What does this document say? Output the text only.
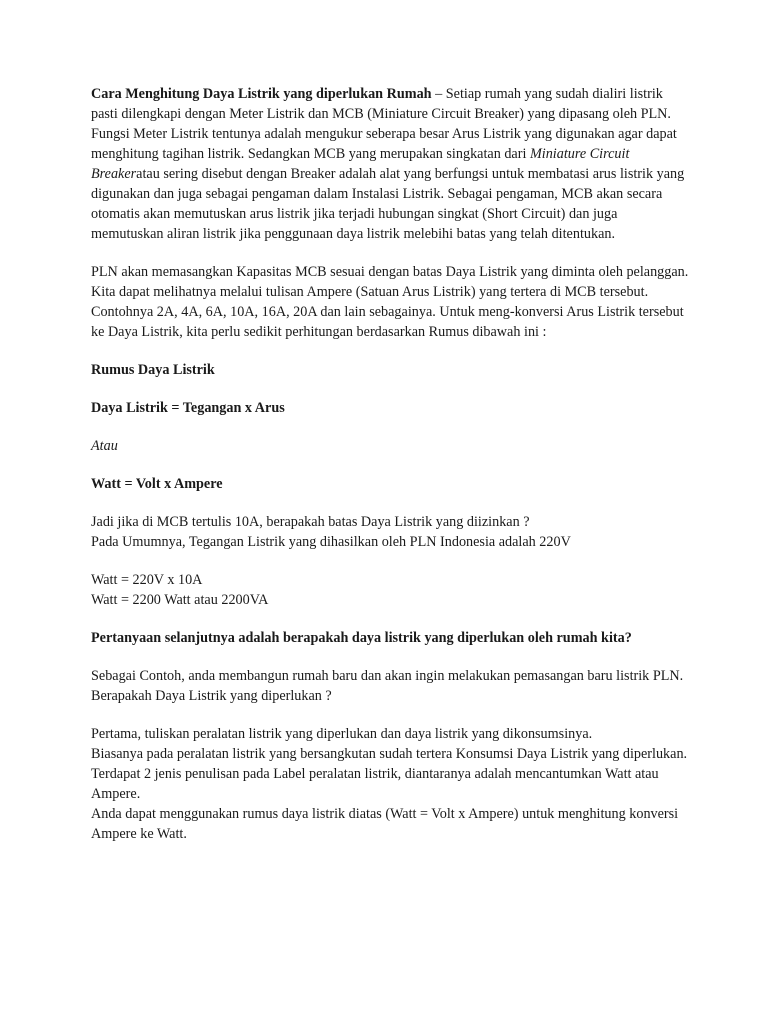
Cara Menghitung Daya Listrik yang diperlukan Rumah – Setiap rumah yang sudah dialiri listrik pasti dilengkapi dengan Meter Listrik dan MCB (Miniature Circuit Breaker) yang dipasang oleh PLN. Fungsi Meter Listrik tentunya adalah mengukur seberapa besar Arus Listrik yang digunakan agar dapat menghitung tagihan listrik. Sedangkan MCB yang merupakan singkatan dari Miniature Circuit Breakeratau sering disebut dengan Breaker adalah alat yang berfungsi untuk membatasi arus listrik yang digunakan dan juga sebagai pengaman dalam Instalasi Listrik. Sebagai pengaman, MCB akan secara otomatis akan memutuskan arus listrik jika terjadi hubungan singkat (Short Circuit) dan juga memutuskan aliran listrik jika penggunaan daya listrik melebihi batas yang telah ditentukan.

PLN akan memasangkan Kapasitas MCB sesuai dengan batas Daya Listrik yang diminta oleh pelanggan. Kita dapat melihatnya melalui tulisan Ampere (Satuan Arus Listrik) yang tertera di MCB tersebut. Contohnya 2A, 4A, 6A, 10A, 16A, 20A dan lain sebagainya. Untuk meng-konversi Arus Listrik tersebut ke Daya Listrik, kita perlu sedikit perhitungan berdasarkan Rumus dibawah ini :

Rumus Daya Listrik

Daya Listrik = Tegangan x Arus

Atau

Watt = Volt x Ampere

Jadi jika di MCB tertulis 10A, berapakah batas Daya Listrik yang diizinkan ?

Pada Umumnya, Tegangan Listrik yang dihasilkan oleh PLN Indonesia adalah 220V

Watt = 220V x 10A

Watt = 2200 Watt atau 2200VA

Pertanyaan selanjutnya adalah berapakah daya listrik yang diperlukan oleh rumah kita?

Sebagai Contoh, anda membangun rumah baru dan akan ingin melakukan pemasangan baru listrik PLN. Berapakah Daya Listrik yang diperlukan ?

Pertama, tuliskan peralatan listrik yang diperlukan dan daya listrik yang dikonsumsinya.

Biasanya pada peralatan listrik yang bersangkutan sudah tertera Konsumsi Daya Listrik yang diperlukan. Terdapat 2 jenis penulisan pada Label peralatan listrik, diantaranya adalah mencantumkan Watt atau Ampere.

Anda dapat menggunakan rumus daya listrik diatas (Watt = Volt x Ampere) untuk menghitung konversi Ampere ke Watt.
